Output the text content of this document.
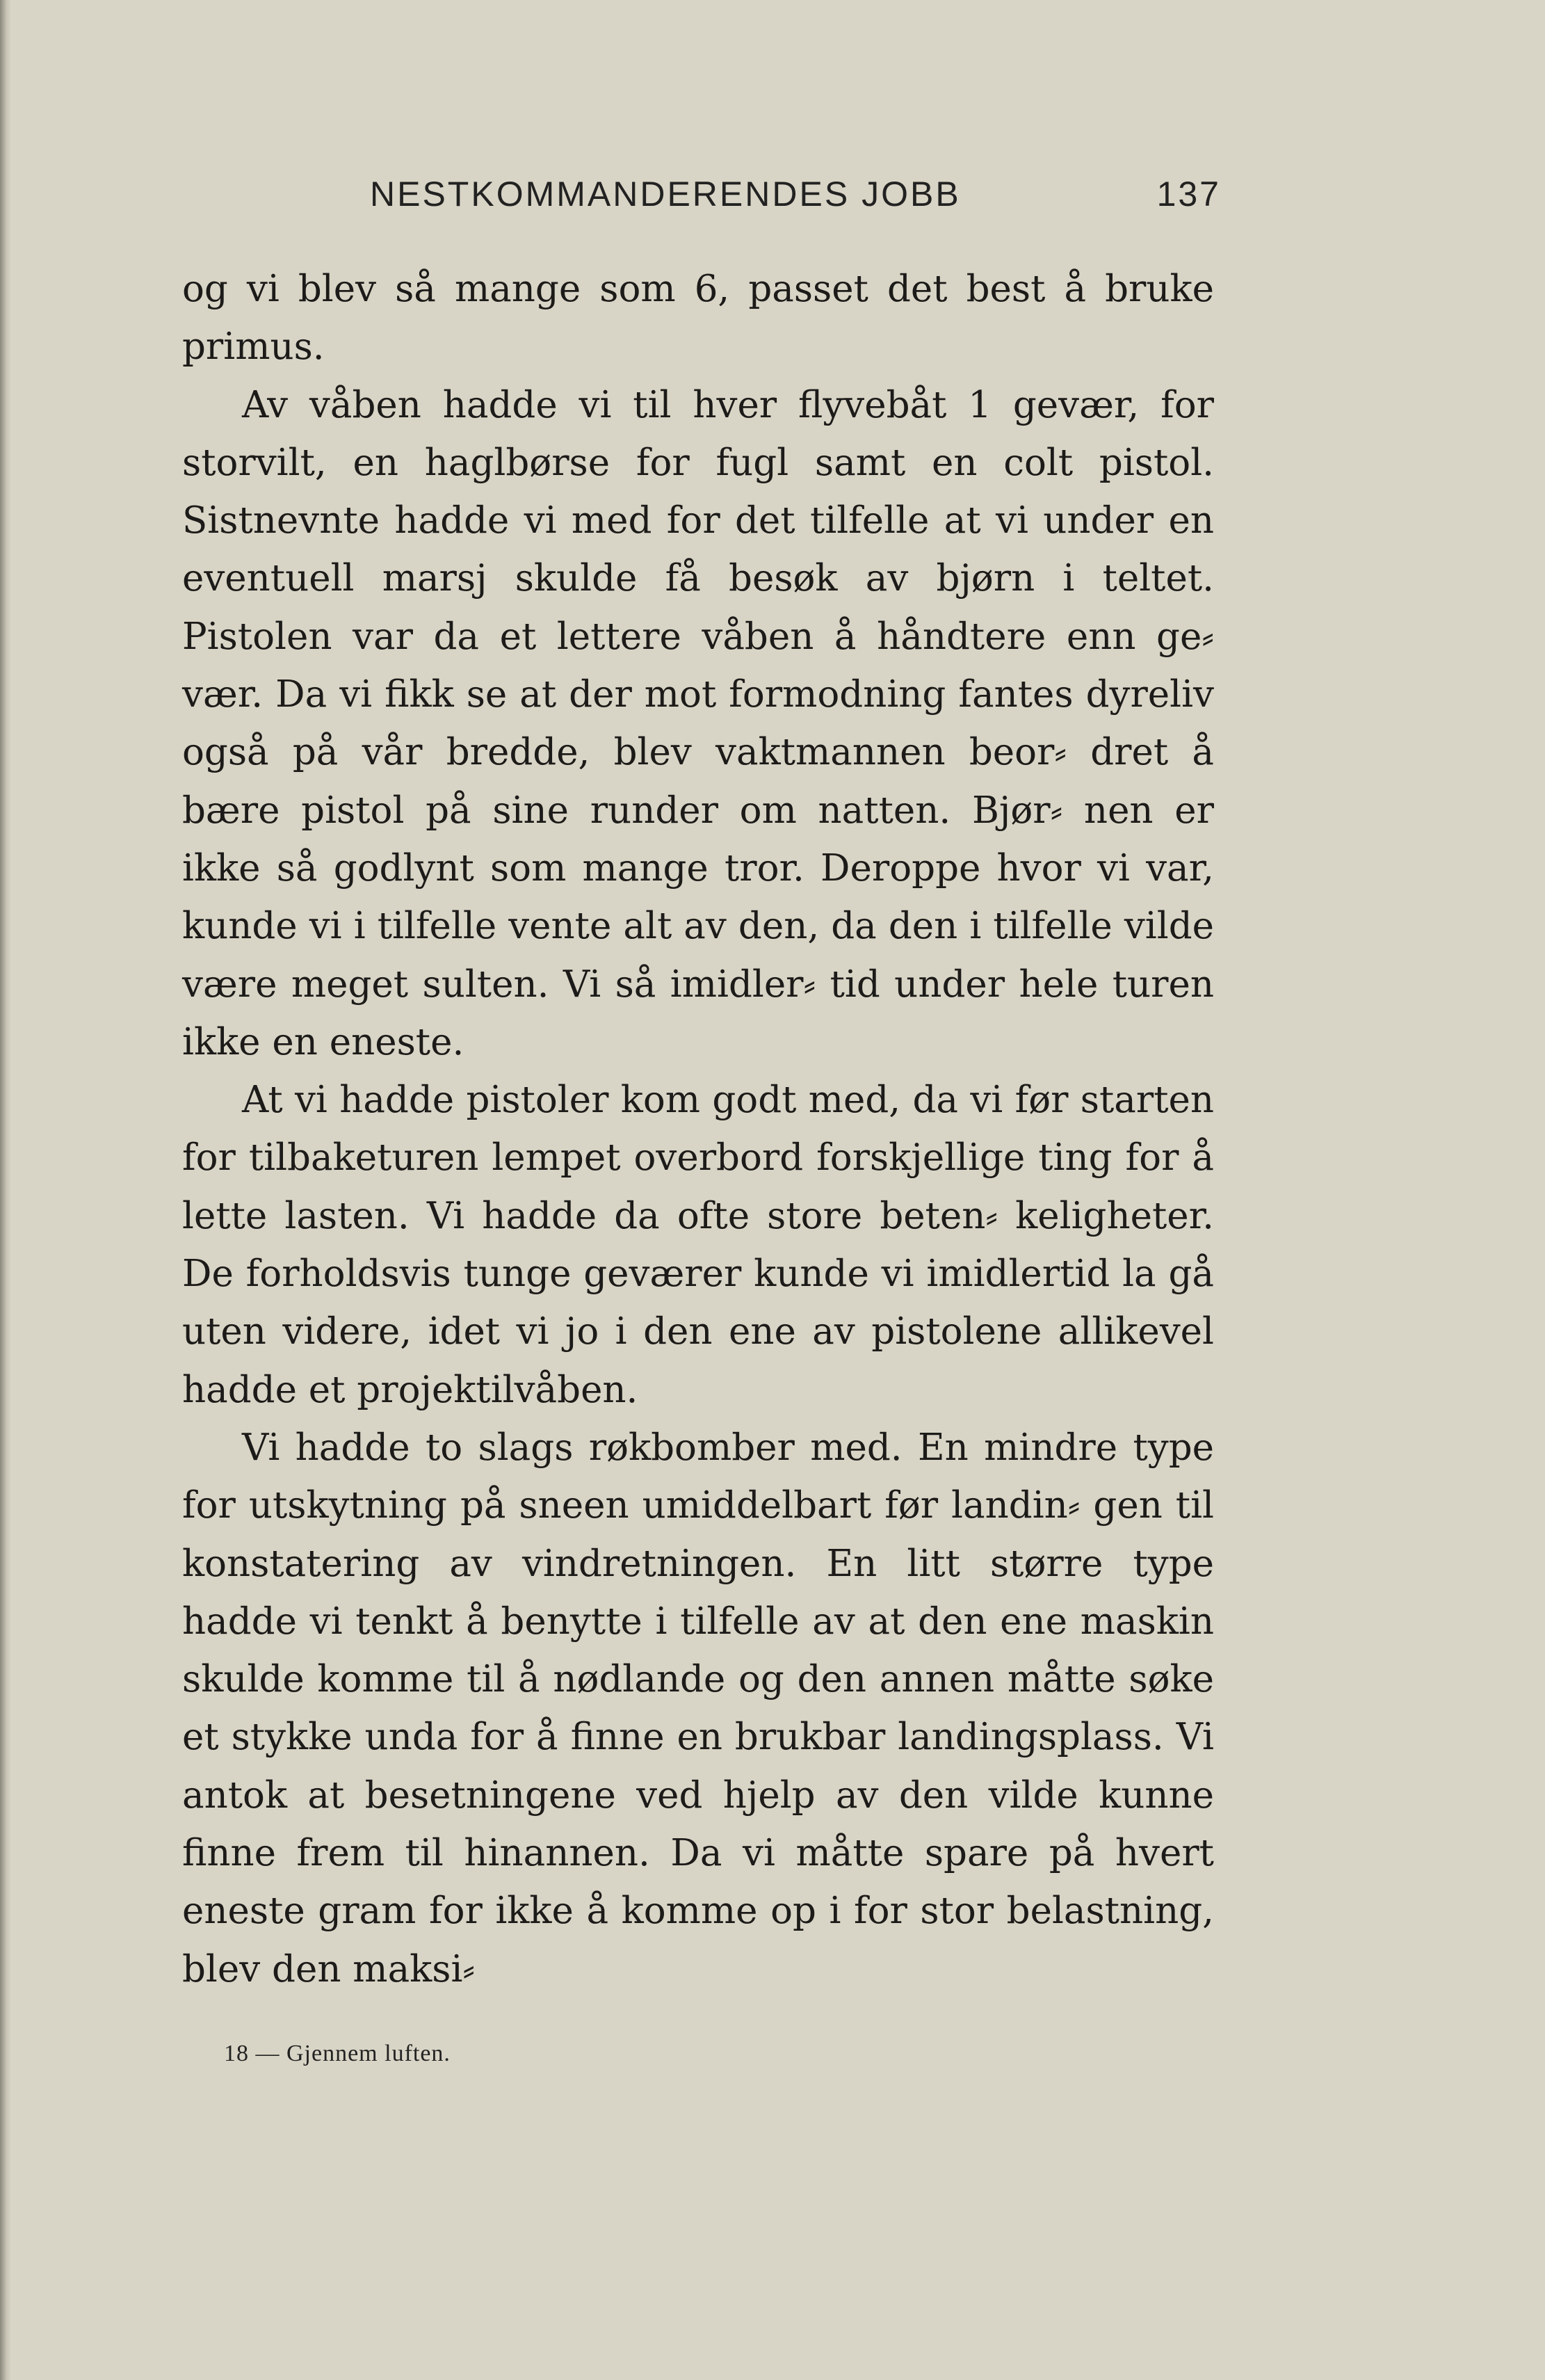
NESTKOMMANDERENDES JOBB	137

og vi blev så mange som 6, passet det best å bruke primus.

Av våben hadde vi til hver flyvebåt 1 gevær, for storvilt, en haglbørse for fugl samt en colt pistol. Sistnevnte hadde vi med for det tilfelle at vi under en eventuell marsj skulde få besøk av bjørn i teltet. Pistolen var da et lettere våben å håndtere enn ge⸗ vær. Da vi fikk se at der mot formodning fantes dyreliv også på vår bredde, blev vaktmannen beor⸗ dret å bære pistol på sine runder om natten. Bjør⸗ nen er ikke så godlynt som mange tror. Deroppe hvor vi var, kunde vi i tilfelle vente alt av den, da den i tilfelle vilde være meget sulten. Vi så imidler⸗ tid under hele turen ikke en eneste.

At vi hadde pistoler kom godt med, da vi før starten for tilbaketuren lempet overbord forskjellige ting for å lette lasten. Vi hadde da ofte store beten⸗ keligheter. De forholdsvis tunge geværer kunde vi imidlertid la gå uten videre, idet vi jo i den ene av pistolene allikevel hadde et projektilvåben.

Vi hadde to slags røkbomber med. En mindre type for utskytning på sneen umiddelbart før landin⸗ gen til konstatering av vindretningen. En litt større type hadde vi tenkt å benytte i tilfelle av at den ene maskin skulde komme til å nødlande og den annen måtte søke et stykke unda for å finne en brukbar landingsplass. Vi antok at besetningene ved hjelp av den vilde kunne finne frem til hinannen. Da vi måtte spare på hvert eneste gram for ikke å komme op i for stor belastning, blev den maksi⸗

18 — Gjennem luften.
